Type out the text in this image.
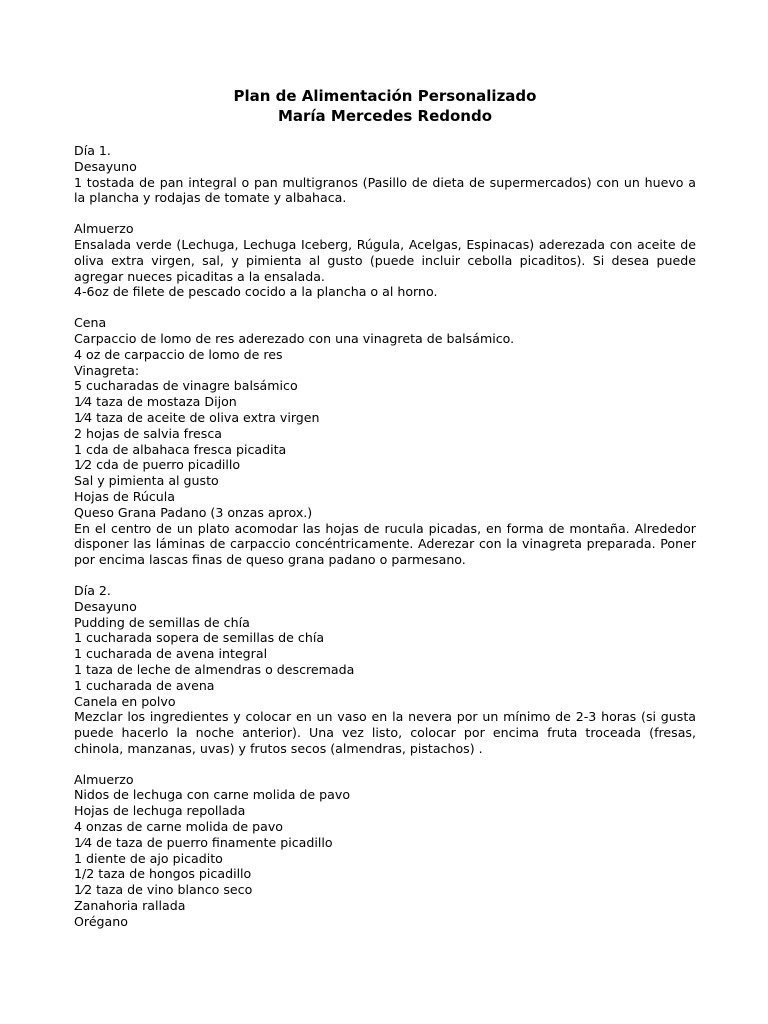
Plan de Alimentación Personalizado
María Mercedes Redondo
Día 1.
Desayuno
1 tostada de pan integral o pan multigranos (Pasillo de dieta de supermercados) con un huevo a la plancha y rodajas de tomate y albahaca.
Almuerzo
Ensalada verde (Lechuga, Lechuga Iceberg, Rúgula, Acelgas, Espinacas) aderezada con aceite de oliva extra virgen, sal, y pimienta al gusto (puede incluir cebolla picaditos). Si desea puede agregar nueces picaditas a la ensalada.
4-6oz de filete de pescado cocido a la plancha o al horno.
Cena
Carpaccio de lomo de res aderezado con una vinagreta de balsámico.
4 oz de carpaccio de lomo de res
Vinagreta:
5 cucharadas de vinagre balsámico
1⁄4 taza de mostaza Dijon
1⁄4 taza de aceite de oliva extra virgen
2 hojas de salvia fresca
1 cda de albahaca fresca picadita
1⁄2 cda de puerro picadillo
Sal y pimienta al gusto
Hojas de Rúcula
Queso Grana Padano (3 onzas aprox.)
En el centro de un plato acomodar las hojas de rucula picadas, en forma de montaña. Alrededor disponer las láminas de carpaccio concéntricamente. Aderezar con la vinagreta preparada. Poner por encima lascas finas de queso grana padano o parmesano.
Día 2.
Desayuno
Pudding de semillas de chía
1 cucharada sopera de semillas de chía
1 cucharada de avena integral
1 taza de leche de almendras o descremada
1 cucharada de avena
Canela en polvo
Mezclar los ingredientes y colocar en un vaso en la nevera por un mínimo de 2-3 horas (si gusta puede hacerlo la noche anterior). Una vez listo, colocar por encima fruta troceada (fresas, chinola, manzanas, uvas) y frutos secos (almendras, pistachos) .
Almuerzo
Nidos de lechuga con carne molida de pavo
Hojas de lechuga repollada
4 onzas de carne molida de pavo
1⁄4 de taza de puerro finamente picadillo
1 diente de ajo picadito
1/2 taza de hongos picadillo
1⁄2 taza de vino blanco seco
Zanahoria rallada
Orégano
